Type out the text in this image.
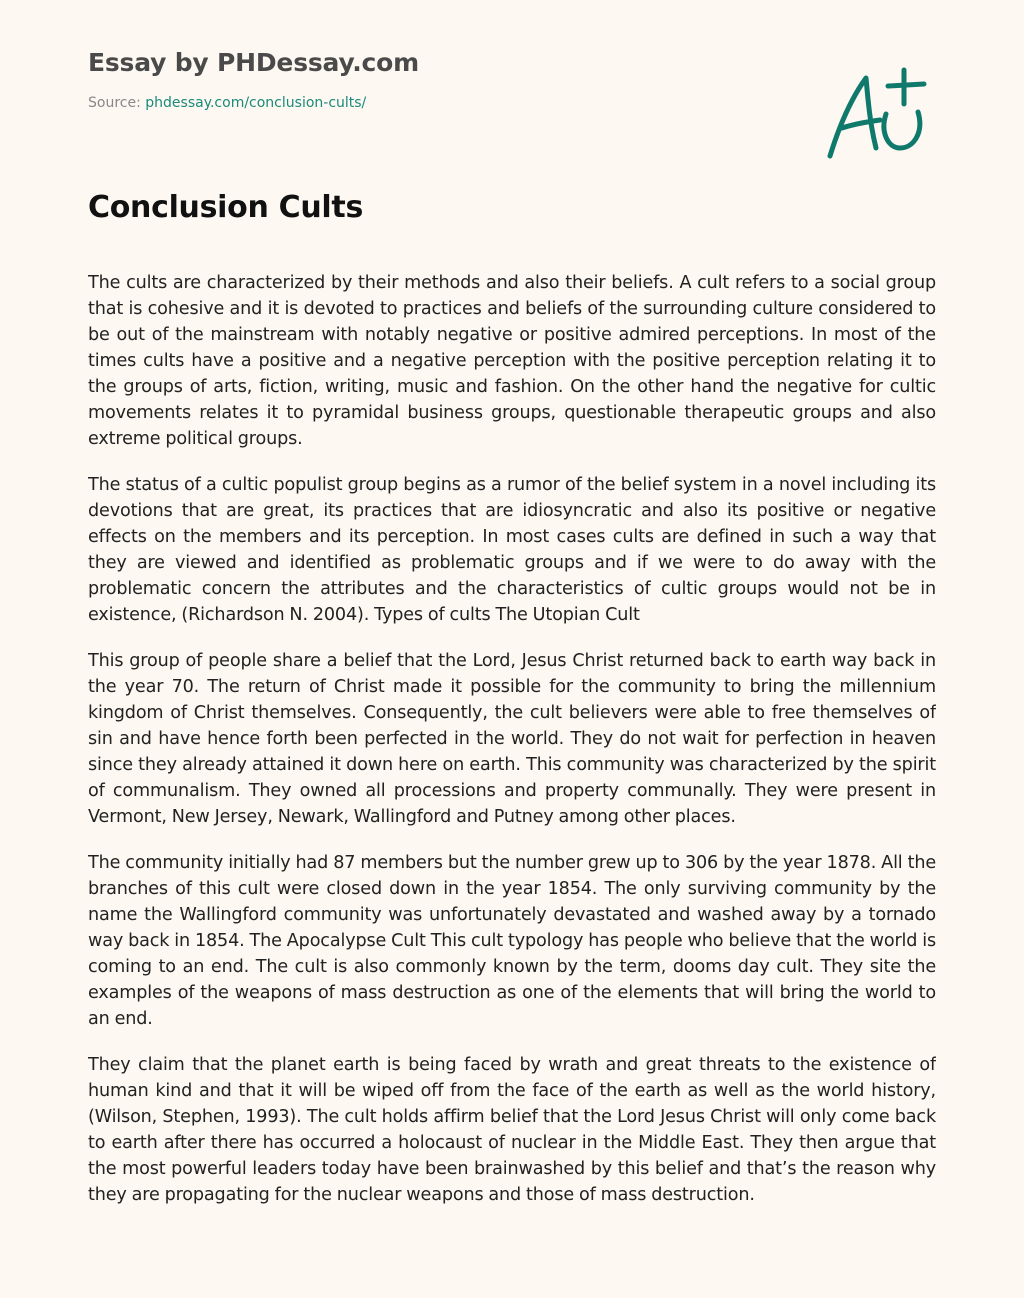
Essay by PHDessay.com
Source: phdessay.com/conclusion-cults/
Conclusion Cults

The cults are characterized by their methods and also their beliefs. A cult refers to a social group that is cohesive and it is devoted to practices and beliefs of the surrounding culture considered to be out of the mainstream with notably negative or positive admired perceptions. In most of the times cults have a positive and a negative perception with the positive perception relating it to the groups of arts, fiction, writing, music and fashion. On the other hand the negative for cultic movements relates it to pyramidal business groups, questionable therapeutic groups and also extreme political groups.

The status of a cultic populist group begins as a rumor of the belief system in a novel including its devotions that are great, its practices that are idiosyncratic and also its positive or negative effects on the members and its perception. In most cases cults are defined in such a way that they are viewed and identified as problematic groups and if we were to do away with the problematic concern the attributes and the characteristics of cultic groups would not be in existence, (Richardson N. 2004). Types of cults The Utopian Cult

This group of people share a belief that the Lord, Jesus Christ returned back to earth way back in the year 70. The return of Christ made it possible for the community to bring the millennium kingdom of Christ themselves. Consequently, the cult believers were able to free themselves of sin and have hence forth been perfected in the world. They do not wait for perfection in heaven since they already attained it down here on earth. This community was characterized by the spirit of communalism. They owned all processions and property communally. They were present in Vermont, New Jersey, Newark, Wallingford and Putney among other places.

The community initially had 87 members but the number grew up to 306 by the year 1878. All the branches of this cult were closed down in the year 1854. The only surviving community by the name the Wallingford community was unfortunately devastated and washed away by a tornado way back in 1854. The Apocalypse Cult This cult typology has people who believe that the world is coming to an end. The cult is also commonly known by the term, dooms day cult. They site the examples of the weapons of mass destruction as one of the elements that will bring the world to an end.

They claim that the planet earth is being faced by wrath and great threats to the existence of human kind and that it will be wiped off from the face of the earth as well as the world history, (Wilson, Stephen, 1993). The cult holds affirm belief that the Lord Jesus Christ will only come back to earth after there has occurred a holocaust of nuclear in the Middle East. They then argue that the most powerful leaders today have been brainwashed by this belief and that’s the reason why they are propagating for the nuclear weapons and those of mass destruction.
